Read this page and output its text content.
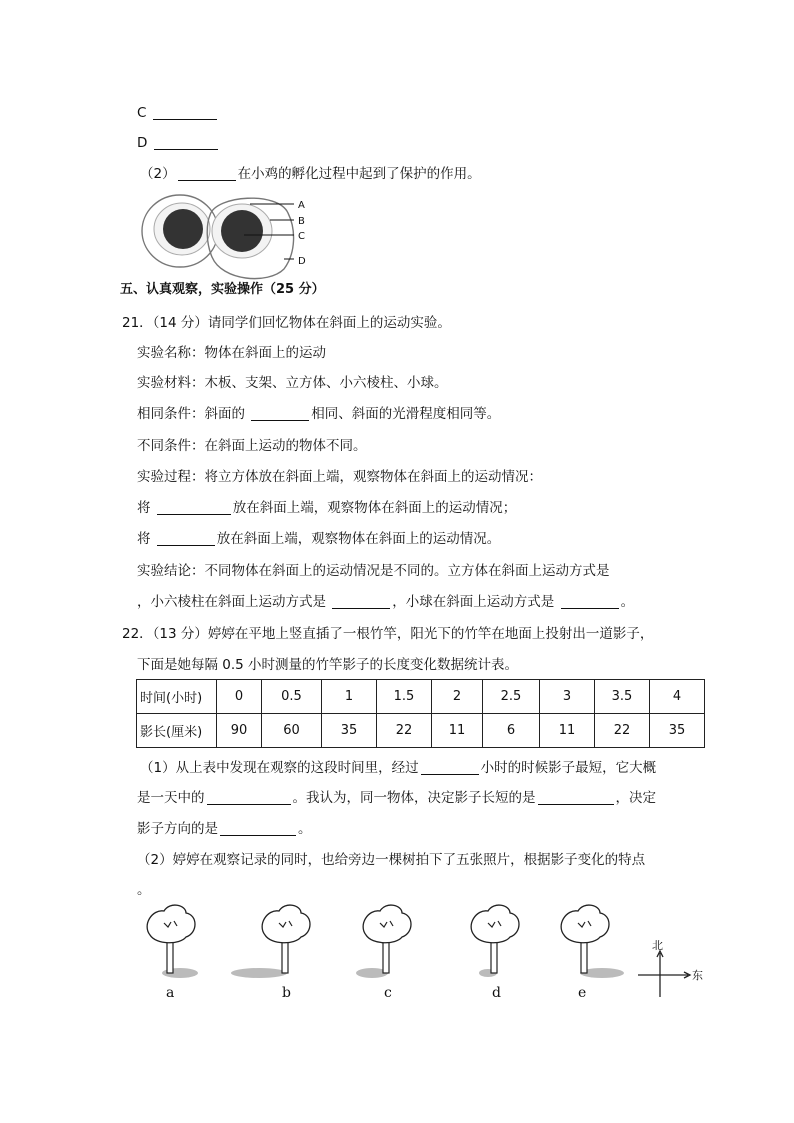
C
D
（2）	在小鸡的孵化过程中起到了保护的作用。
A
B
C
D
五、认真观察，实验操作（25 分）
21．（14 分）请同学们回忆物体在斜面上的运动实验。
实验名称：物体在斜面上的运动
实验材料：木板、支架、立方体、小六棱柱、小球。
相同条件：斜面的	相同、斜面的光滑程度相同等。
不同条件：在斜面上运动的物体不同。
实验过程：将立方体放在斜面上端，观察物体在斜面上的运动情况：
将	放在斜面上端，观察物体在斜面上的运动情况；
将	放在斜面上端，观察物体在斜面上的运动情况。
实验结论：不同物体在斜面上的运动情况是不同的。立方体在斜面上运动方式是
，小六棱柱在斜面上运动方式是	，小球在斜面上运动方式是	。
22．（13 分）婷婷在平地上竖直插了一根竹竿，阳光下的竹竿在地面上投射出一道影子，
下面是她每隔 0.5 小时测量的竹竿影子的长度变化数据统计表。
时间(小时)	0	0.5	1	1.5	2	2.5	3	3.5	4
影长(厘米)	90	60	35	22	11	6	11	22	35
（1）从上表中发现在观察的这段时间里，经过	小时的时候影子最短，它大概
是一天中的	。我认为，同一物体，决定影子长短的是	，决定
影子方向的是	。
（2）婷婷在观察记录的同时，也给旁边一棵树拍下了五张照片，根据影子变化的特点
。
a	b	c	d	e
北
东
